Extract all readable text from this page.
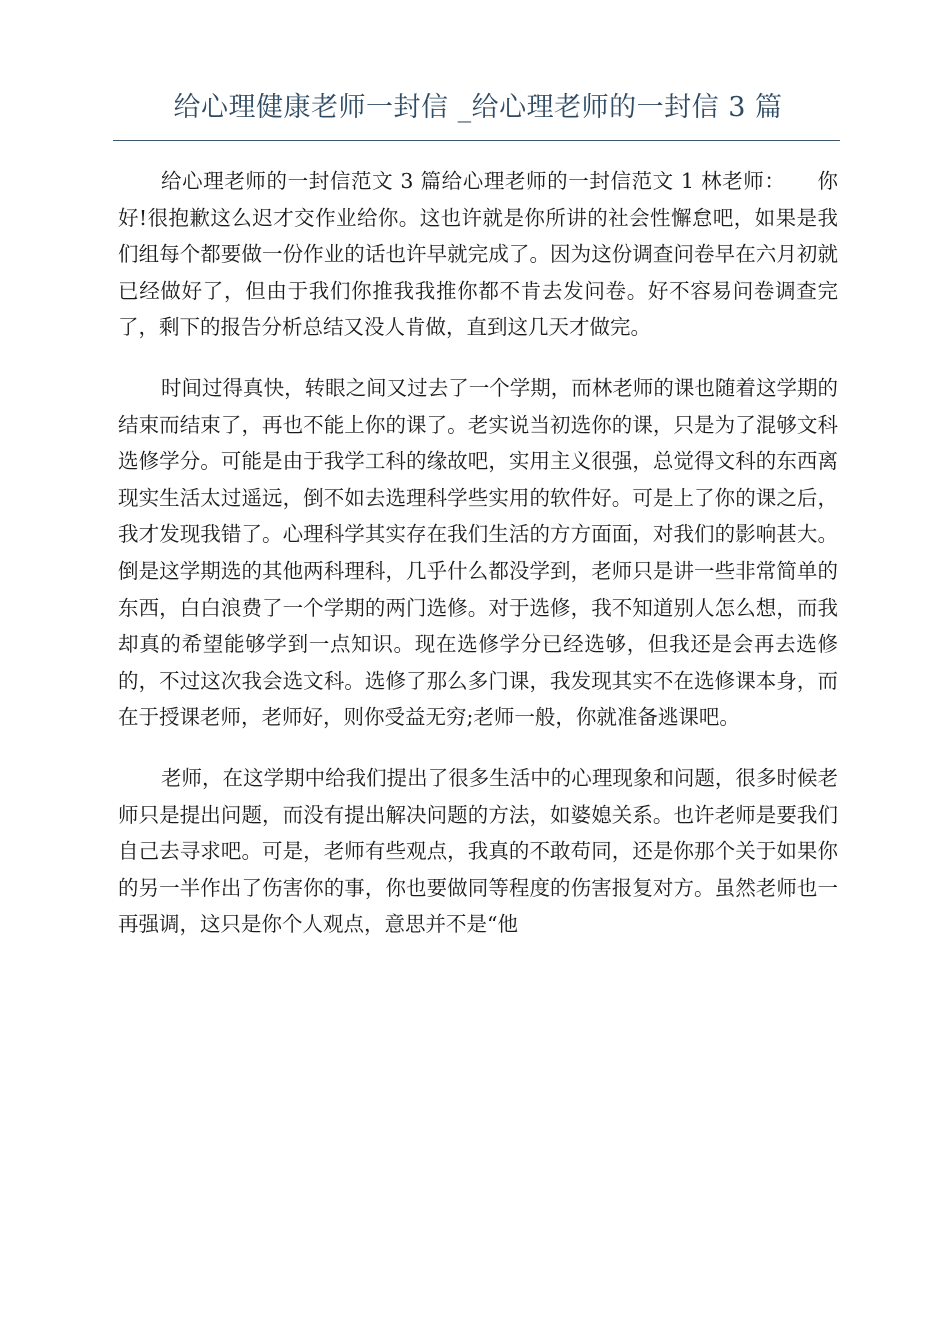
给心理健康老师一封信 _给心理老师的一封信 3 篇

给心理老师的一封信范文 3 篇给心理老师的一封信范文 1 林老师：　　你好!很抱歉这么迟才交作业给你。这也许就是你所讲的社会性懈怠吧，如果是我们组每个都要做一份作业的话也许早就完成了。因为这份调查问卷早在六月初就已经做好了，但由于我们你推我我推你都不肯去发问卷。好不容易问卷调查完了，剩下的报告分析总结又没人肯做，直到这几天才做完。

时间过得真快，转眼之间又过去了一个学期，而林老师的课也随着这学期的结束而结束了，再也不能上你的课了。老实说当初选你的课，只是为了混够文科选修学分。可能是由于我学工科的缘故吧，实用主义很强，总觉得文科的东西离现实生活太过遥远，倒不如去选理科学些实用的软件好。可是上了你的课之后，我才发现我错了。心理科学其实存在我们生活的方方面面，对我们的影响甚大。倒是这学期选的其他两科理科，几乎什么都没学到，老师只是讲一些非常简单的东西，白白浪费了一个学期的两门选修。对于选修，我不知道别人怎么想，而我却真的希望能够学到一点知识。现在选修学分已经选够，但我还是会再去选修的，不过这次我会选文科。选修了那么多门课，我发现其实不在选修课本身，而在于授课老师，老师好，则你受益无穷;老师一般，你就准备逃课吧。

老师，在这学期中给我们提出了很多生活中的心理现象和问题，很多时候老师只是提出问题，而没有提出解决问题的方法，如婆媳关系。也许老师是要我们自己去寻求吧。可是，老师有些观点，我真的不敢苟同，还是你那个关于如果你的另一半作出了伤害你的事，你也要做同等程度的伤害报复对方。虽然老师也一再强调，这只是你个人观点，意思并不是“他
